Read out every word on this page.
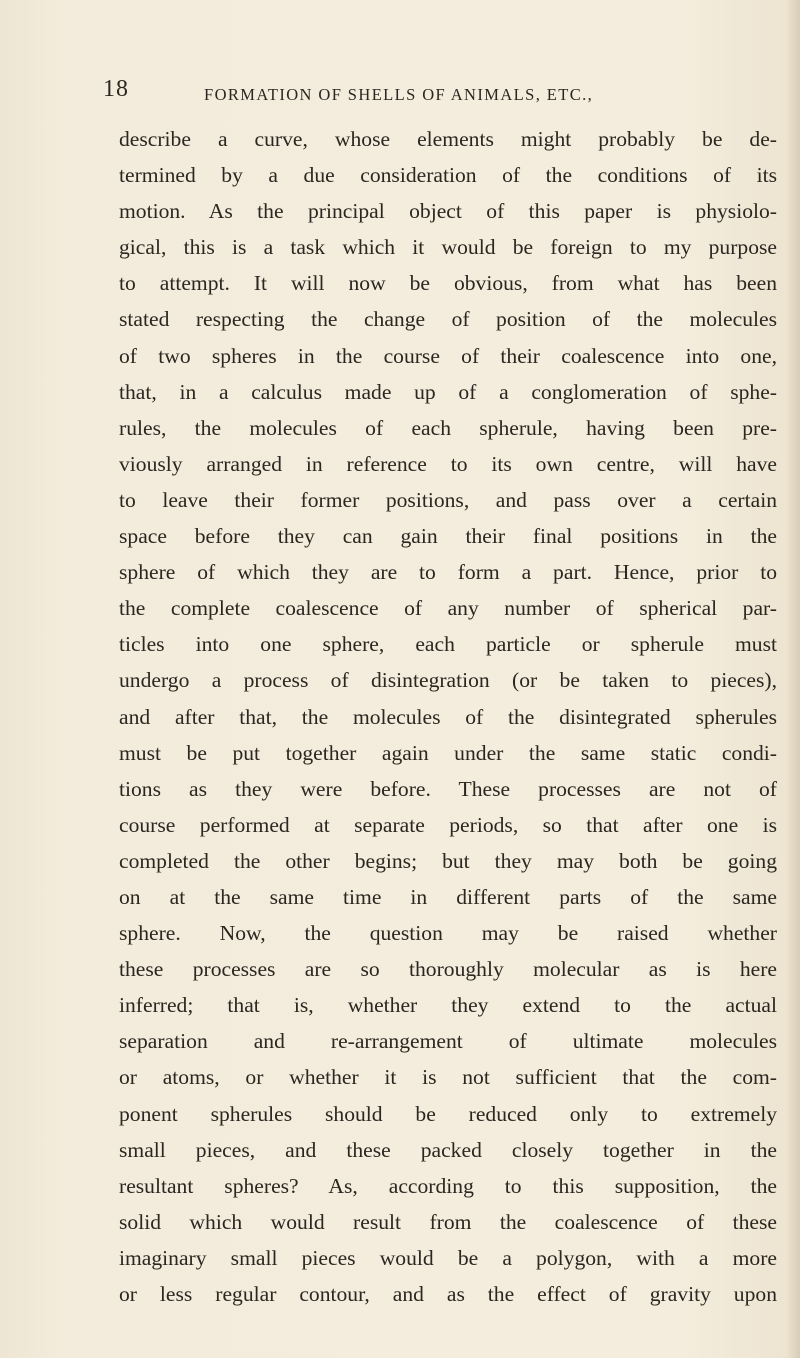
18	FORMATION OF SHELLS OF ANIMALS, ETC.,
describe a curve, whose elements might probably be de-
termined by a due consideration of the conditions of its
motion. As the principal object of this paper is physiolo-
gical, this is a task which it would be foreign to my purpose
to attempt. It will now be obvious, from what has been
stated respecting the change of position of the molecules
of two spheres in the course of their coalescence into one,
that, in a calculus made up of a conglomeration of sphe-
rules, the molecules of each spherule, having been pre-
viously arranged in reference to its own centre, will have
to leave their former positions, and pass over a certain
space before they can gain their final positions in the
sphere of which they are to form a part. Hence, prior to
the complete coalescence of any number of spherical par-
ticles into one sphere, each particle or spherule must
undergo a process of disintegration (or be taken to pieces),
and after that, the molecules of the disintegrated spherules
must be put together again under the same static condi-
tions as they were before. These processes are not of
course performed at separate periods, so that after one is
completed the other begins; but they may both be going
on at the same time in different parts of the same
sphere. Now, the question may be raised whether
these processes are so thoroughly molecular as is here
inferred; that is, whether they extend to the actual
separation and re-arrangement of ultimate molecules
or atoms, or whether it is not sufficient that the com-
ponent spherules should be reduced only to extremely
small pieces, and these packed closely together in the
resultant spheres? As, according to this supposition, the
solid which would result from the coalescence of these
imaginary small pieces would be a polygon, with a more
or less regular contour, and as the effect of gravity upon
